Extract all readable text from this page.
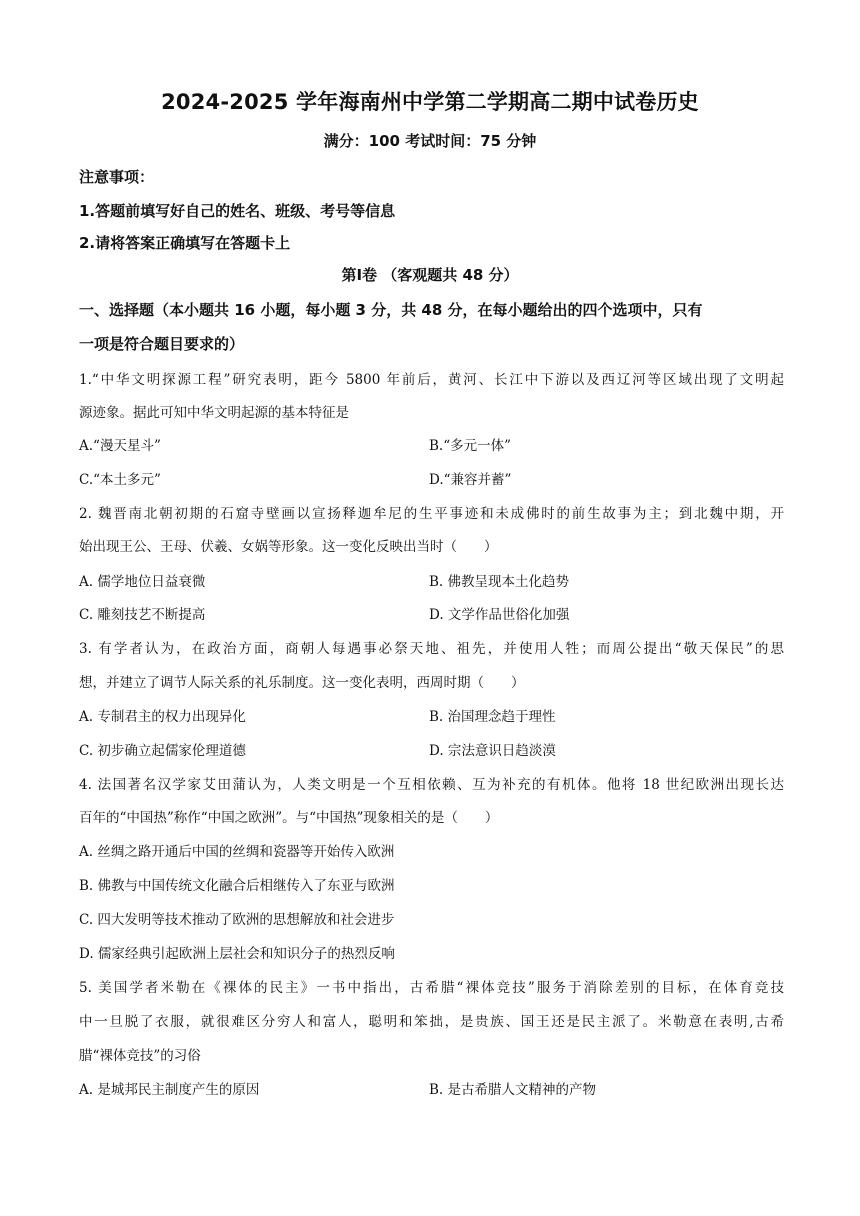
2024-2025 学年海南州中学第二学期高二期中试卷历史
满分：100 考试时间：75 分钟
注意事项：
1.答题前填写好自己的姓名、班级、考号等信息
2.请将答案正确填写在答题卡上
第Ⅰ卷 （客观题共 48 分）
一、选择题（本小题共 16 小题，每小题 3 分，共 48 分，在每小题给出的四个选项中，只有
一项是符合题目要求的）
1.“中华文明探源工程”研究表明，距今 5800 年前后，黄河、长江中下游以及西辽河等区域出现了文明起
源迹象。据此可知中华文明起源的基本特征是
A.“漫天星斗”	B.“多元一体”
C.“本土多元”	D.“兼容并蓄”
2. 魏晋南北朝初期的石窟寺壁画以宣扬释迦牟尼的生平事迹和未成佛时的前生故事为主；到北魏中期，开
始出现王公、王母、伏羲、女娲等形象。这一变化反映出当时（　　）
A. 儒学地位日益衰微	B. 佛教呈现本土化趋势
C. 雕刻技艺不断提高	D. 文学作品世俗化加强
3. 有学者认为，在政治方面，商朝人每遇事必祭天地、祖先，并使用人牲；而周公提出“敬天保民”的思
想，并建立了调节人际关系的礼乐制度。这一变化表明，西周时期（　　）
A. 专制君主的权力出现异化	B. 治国理念趋于理性
C. 初步确立起儒家伦理道德	D. 宗法意识日趋淡漠
4. 法国著名汉学家艾田蒲认为，人类文明是一个互相依赖、互为补充的有机体。他将 18 世纪欧洲出现长达
百年的“中国热”称作“中国之欧洲”。与“中国热”现象相关的是（　　）
A. 丝绸之路开通后中国的丝绸和瓷器等开始传入欧洲
B. 佛教与中国传统文化融合后相继传入了东亚与欧洲
C. 四大发明等技术推动了欧洲的思想解放和社会进步
D. 儒家经典引起欧洲上层社会和知识分子的热烈反响
5. 美国学者米勒在《裸体的民主》一书中指出，古希腊“裸体竞技”服务于消除差别的目标，在体育竞技
中一旦脱了衣服，就很难区分穷人和富人，聪明和笨拙，是贵族、国王还是民主派了。米勒意在表明,古希
腊“裸体竞技”的习俗
A. 是城邦民主制度产生的原因	B. 是古希腊人文精神的产物
